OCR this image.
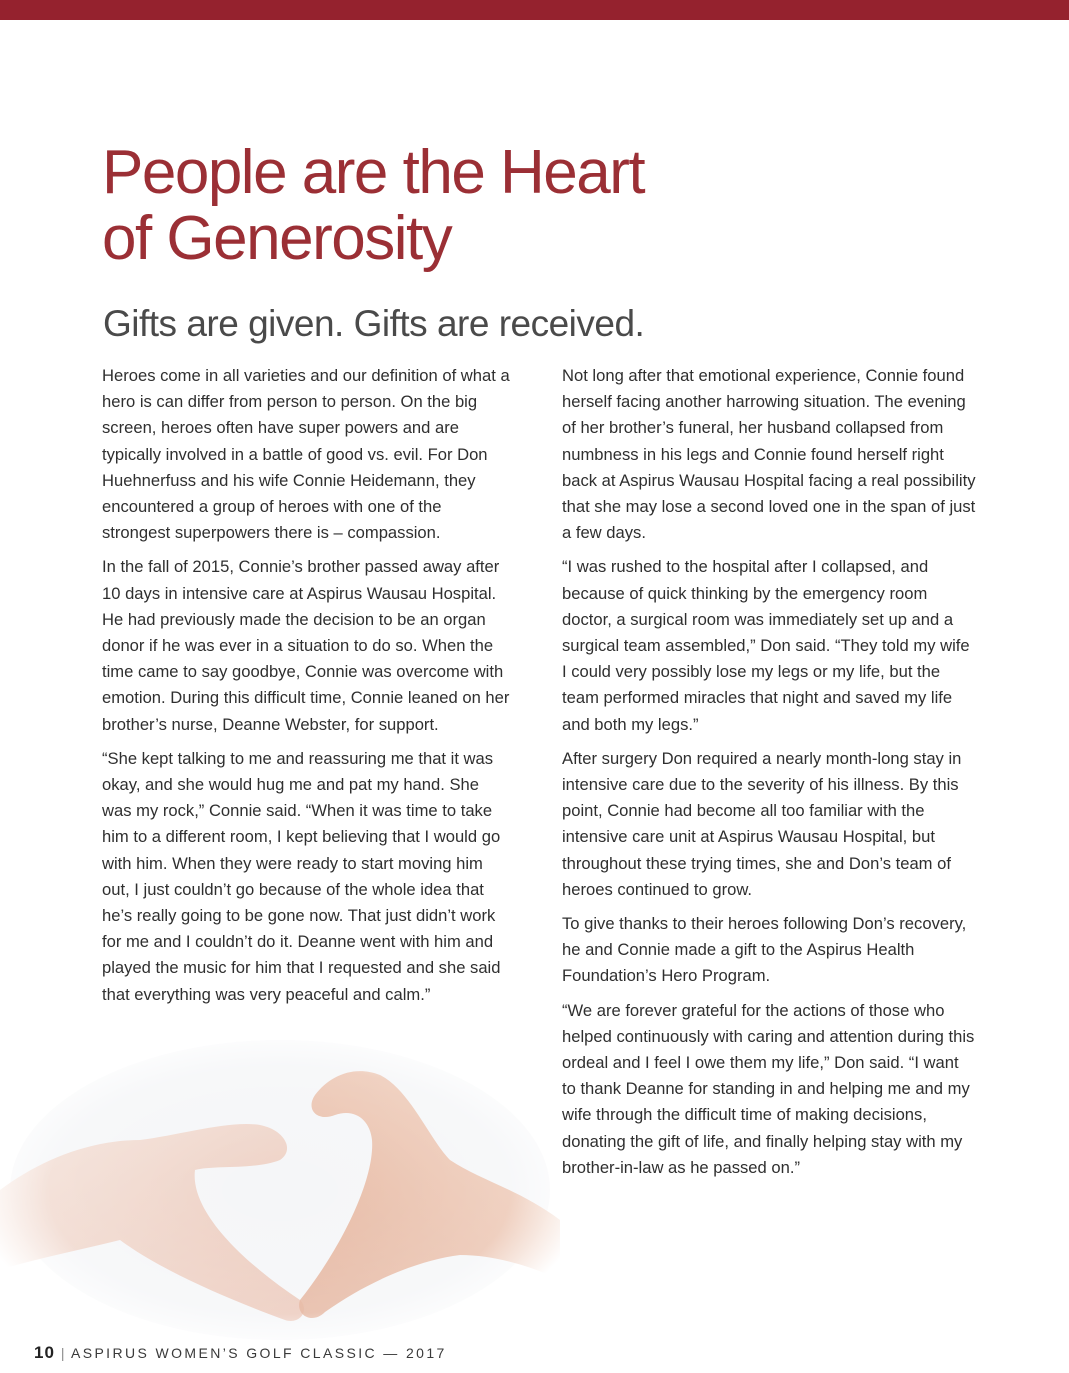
People are the Heart
of Generosity
Gifts are given. Gifts are received.

Heroes come in all varieties and our definition of what a hero is can differ from person to person. On the big screen, heroes often have super powers and are typically involved in a battle of good vs. evil. For Don Huehnerfuss and his wife Connie Heidemann, they encountered a group of heroes with one of the strongest superpowers there is – compassion.

In the fall of 2015, Connie’s brother passed away after 10 days in intensive care at Aspirus Wausau Hospital. He had previously made the decision to be an organ donor if he was ever in a situation to do so. When the time came to say goodbye, Connie was overcome with emotion. During this difficult time, Connie leaned on her brother’s nurse, Deanne Webster, for support.

“She kept talking to me and reassuring me that it was okay, and she would hug me and pat my hand. She was my rock,” Connie said. “When it was time to take him to a different room, I kept believing that I would go with him. When they were ready to start moving him out, I just couldn’t go because of the whole idea that he’s really going to be gone now. That just didn’t work for me and I couldn’t do it. Deanne went with him and played the music for him that I requested and she said that everything was very peaceful and calm.”

Not long after that emotional experience, Connie found herself facing another harrowing situation. The evening of her brother’s funeral, her husband collapsed from numbness in his legs and Connie found herself right back at Aspirus Wausau Hospital facing a real possibility that she may lose a second loved one in the span of just a few days.

“I was rushed to the hospital after I collapsed, and because of quick thinking by the emergency room doctor, a surgical room was immediately set up and a surgical team assembled,” Don said. “They told my wife I could very possibly lose my legs or my life, but the team performed miracles that night and saved my life and both my legs.”

After surgery Don required a nearly month-long stay in intensive care due to the severity of his illness. By this point, Connie had become all too familiar with the intensive care unit at Aspirus Wausau Hospital, but throughout these trying times, she and Don’s team of heroes continued to grow.

To give thanks to their heroes following Don’s recovery, he and Connie made a gift to the Aspirus Health Foundation’s Hero Program.

“We are forever grateful for the actions of those who helped continuously with caring and attention during this ordeal and I feel I owe them my life,” Don said. “I want to thank Deanne for standing in and helping me and my wife through the difficult time of making decisions, donating the gift of life, and finally helping stay with my brother-in-law as he passed on.”

10 | ASPIRUS WOMEN’S GOLF CLASSIC — 2017
